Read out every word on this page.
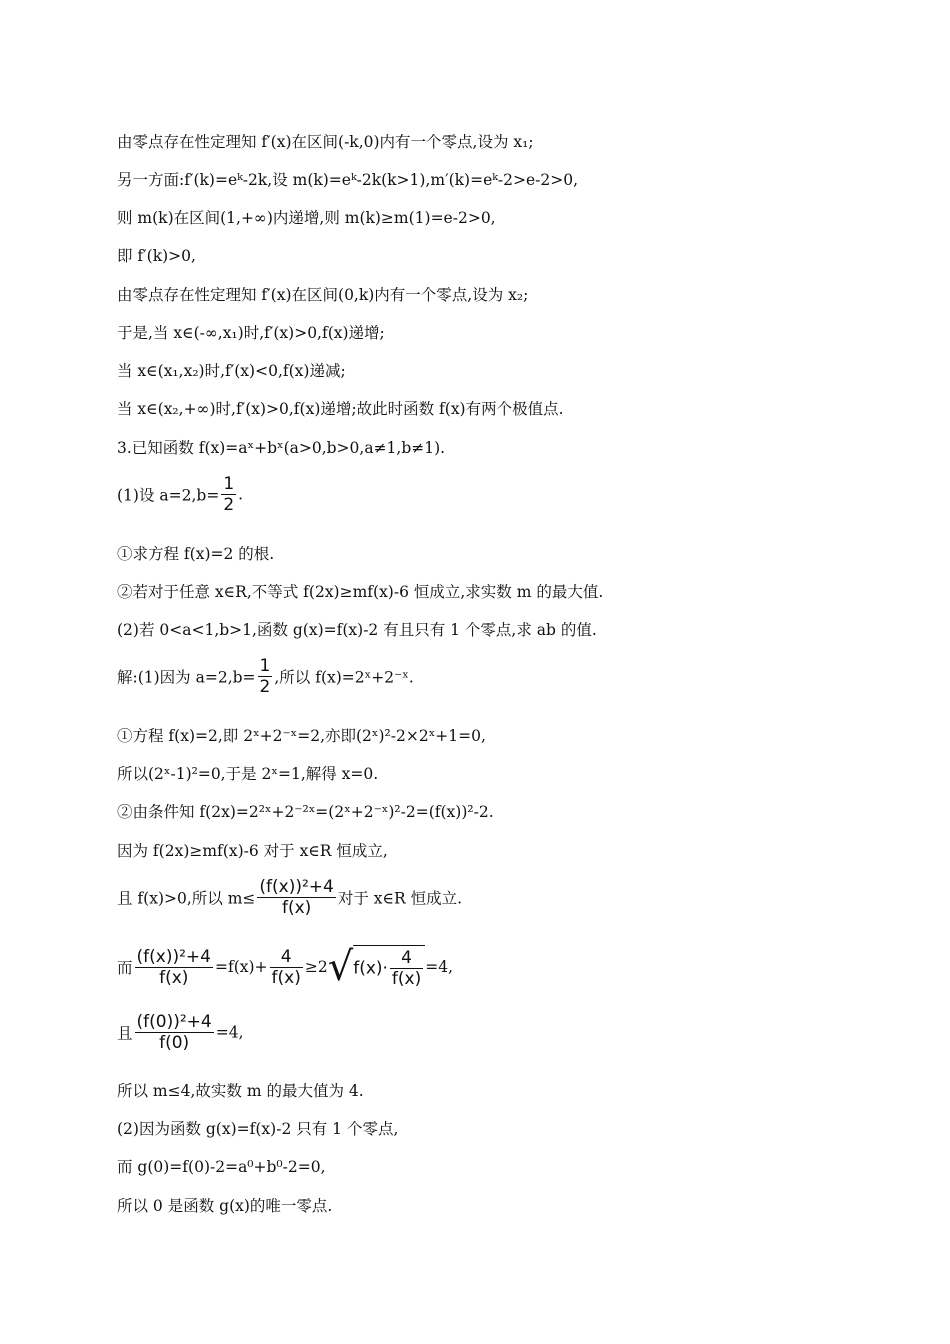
由零点存在性定理知 f′(x)在区间(-k,0)内有一个零点,设为 x₁;
另一方面:f′(k)=eᵏ-2k,设 m(k)=eᵏ-2k(k>1),m′(k)=eᵏ-2>e-2>0,
则 m(k)在区间(1,+∞)内递增,则 m(k)≥m(1)=e-2>0,
即 f′(k)>0,
由零点存在性定理知 f′(x)在区间(0,k)内有一个零点,设为 x₂;
于是,当 x∈(-∞,x₁)时,f′(x)>0,f(x)递增;
当 x∈(x₁,x₂)时,f′(x)<0,f(x)递减;
当 x∈(x₂,+∞)时,f′(x)>0,f(x)递增;故此时函数 f(x)有两个极值点.
3.已知函数 f(x)=aˣ+bˣ(a>0,b>0,a≠1,b≠1).
(1)设 $a=2,b= \frac{1}{2}$ .
①求方程 f(x)=2 的根.
②若对于任意 x∈R,不等式 f(2x)≥mf(x)-6 恒成立,求实数 m 的最大值.
(2)若 0<a<1,b>1,函数 g(x)=f(x)-2 有且只有 1 个零点,求 ab 的值.
解:(1)因为 $a=2,b= \frac{1}{2}$ ,所以 f(x)=2ˣ+2⁻ˣ.
①方程 f(x)=2,即 2ˣ+2⁻ˣ=2,亦即(2ˣ)²-2×2ˣ+1=0,
所以(2ˣ-1)²=0,于是 2ˣ=1,解得 x=0.
②由条件知 f(2x)=2²ˣ+2⁻²ˣ=(2ˣ+2⁻ˣ)²-2=(f(x))²-2.
因为 f(2x)≥mf(x)-6 对于 x∈R 恒成立,
且 f(x)>0,所以 $m\le \frac{\text{(f(x))²+4}}{f(x)}$ 对于 x∈R 恒成立.
而 $\frac{\text{(f(x))²+4}}{f(x)} =f(x)+ \frac{4}{f(x)} \ge 2√f(x)\cdot \frac{4}{f(x)} =4$,
且 $\frac{\text{(f(0))²+4}}{f(0)} =4$,
所以 m≤4,故实数 m 的最大值为 4.
(2)因为函数 g(x)=f(x)-2 只有 1 个零点,
而 g(0)=f(0)-2=a⁰+b⁰-2=0,
所以 0 是函数 g(x)的唯一零点.
